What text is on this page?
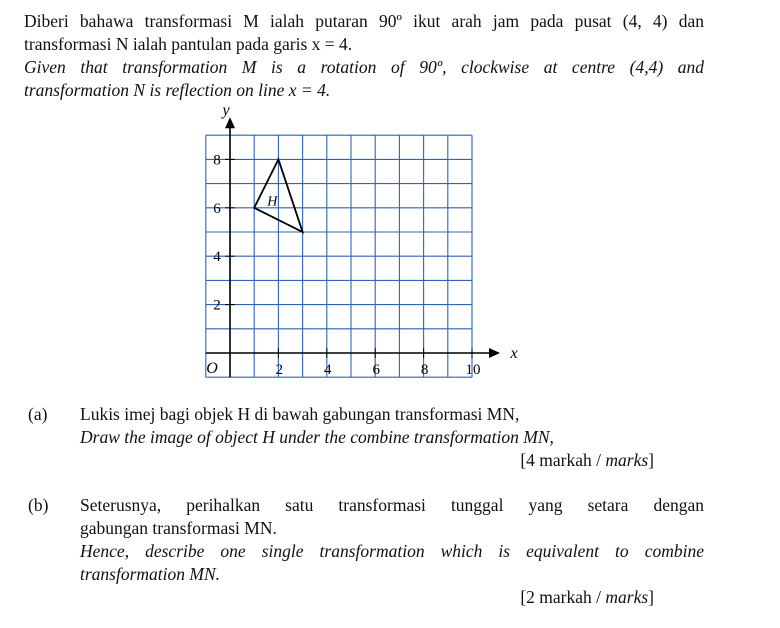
Diberi bahawa transformasi M ialah putaran 90º ikut arah jam pada pusat (4, 4) dan

transformasi N ialah pantulan pada garis x = 4.

Given that transformation M is a rotation of 90º, clockwise at centre (4,4) and

transformation N is reflection on line x = 4.

x
y
O	2	4	6	8 10
2
4
6
8
H
(a) Lukis imej bagi objek H di bawah gabungan transformasi MN,

Draw the image of object H under the combine transformation MN,

[4 markah / marks]
(b) Seterusnya, perihalkan satu transformasi tunggal yang setara dengan

gabungan transformasi MN.

Hence, describe one single transformation which is equivalent to combine

transformation MN.

[2 markah / marks]
